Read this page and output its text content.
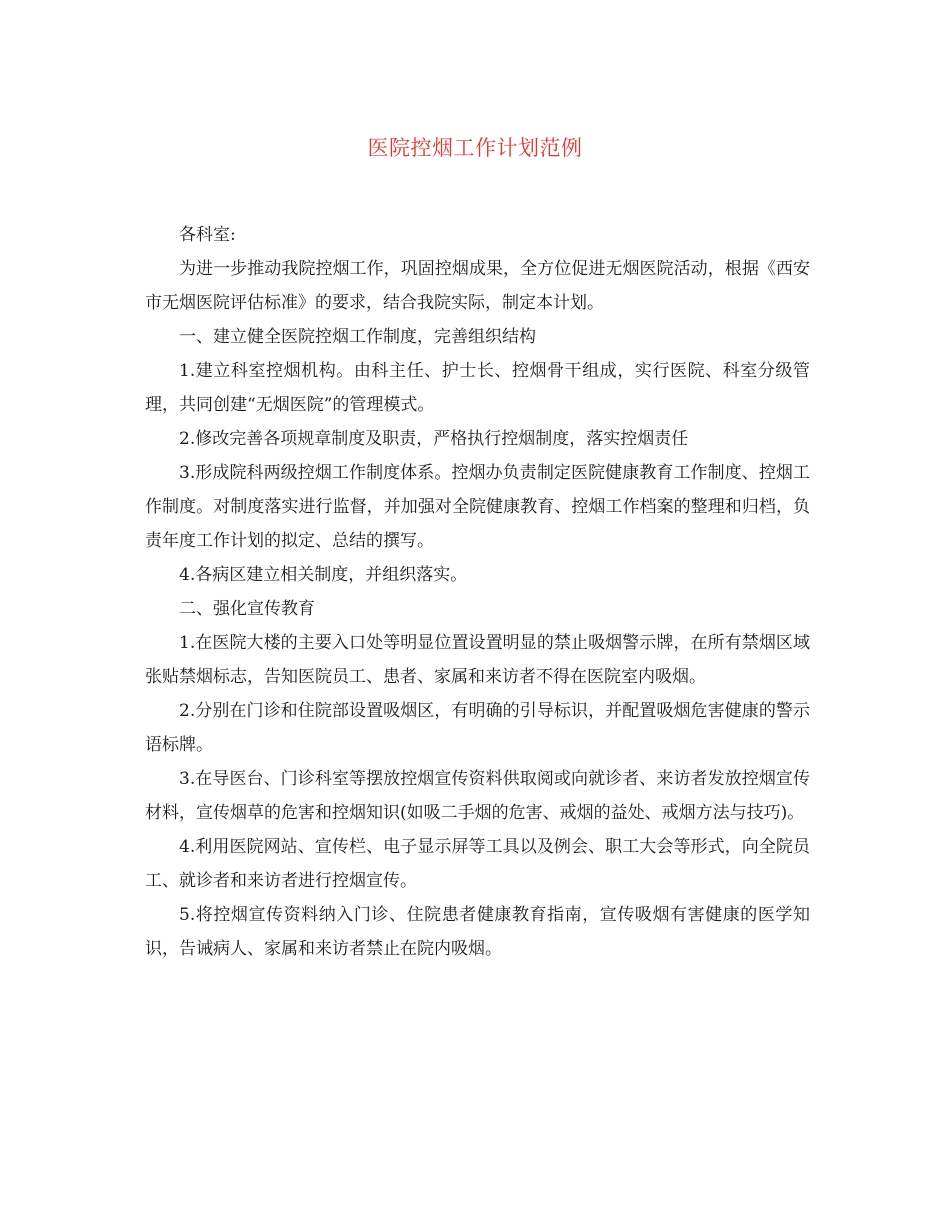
医院控烟工作计划范例

各科室:

为进一步推动我院控烟工作，巩固控烟成果，全方位促进无烟医院活动，根据《西安市无烟医院评估标准》的要求，结合我院实际，制定本计划。

一、建立健全医院控烟工作制度，完善组织结构

1.建立科室控烟机构。由科主任、护士长、控烟骨干组成，实行医院、科室分级管理，共同创建“无烟医院”的管理模式。

2.修改完善各项规章制度及职责，严格执行控烟制度，落实控烟责任

3.形成院科两级控烟工作制度体系。控烟办负责制定医院健康教育工作制度、控烟工作制度。对制度落实进行监督，并加强对全院健康教育、控烟工作档案的整理和归档，负责年度工作计划的拟定、总结的撰写。

4.各病区建立相关制度，并组织落实。

二、强化宣传教育

1.在医院大楼的主要入口处等明显位置设置明显的禁止吸烟警示牌，在所有禁烟区域张贴禁烟标志，告知医院员工、患者、家属和来访者不得在医院室内吸烟。

2.分别在门诊和住院部设置吸烟区，有明确的引导标识，并配置吸烟危害健康的警示语标牌。

3.在导医台、门诊科室等摆放控烟宣传资料供取阅或向就诊者、来访者发放控烟宣传材料，宣传烟草的危害和控烟知识(如吸二手烟的危害、戒烟的益处、戒烟方法与技巧)。

4.利用医院网站、宣传栏、电子显示屏等工具以及例会、职工大会等形式，向全院员工、就诊者和来访者进行控烟宣传。

5.将控烟宣传资料纳入门诊、住院患者健康教育指南，宣传吸烟有害健康的医学知识，告诫病人、家属和来访者禁止在院内吸烟。
